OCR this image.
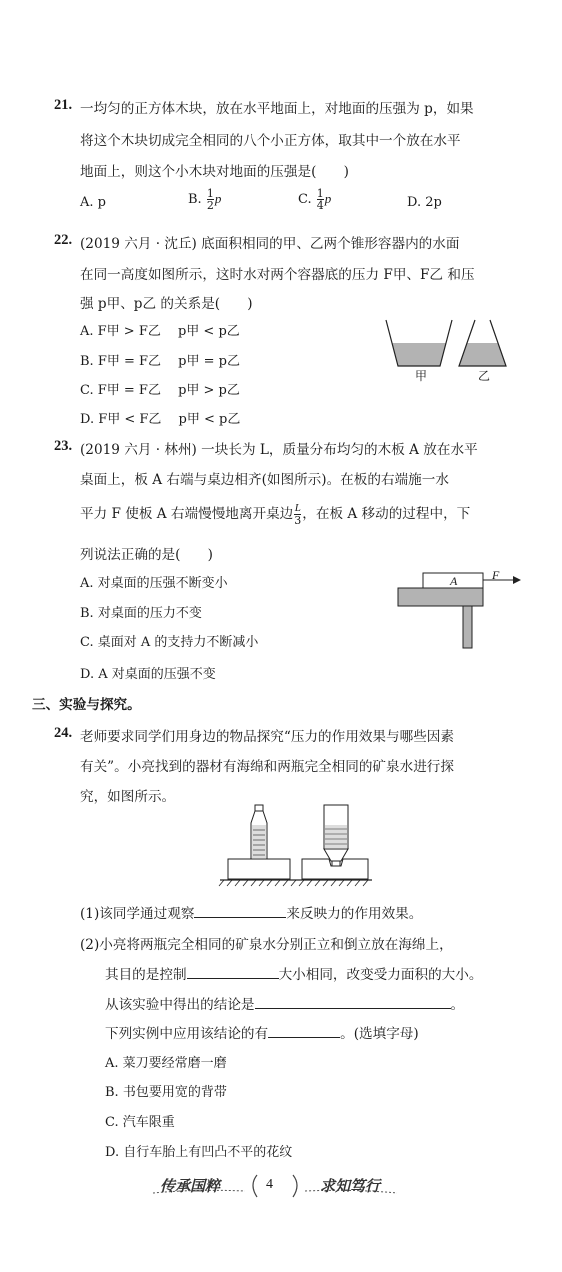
21. 一均匀的正方体木块，放在水平地面上，对地面的压强为 p，如果
将这个木块切成完全相同的八个小正方体，取其中一个放在水平
地面上，则这个小木块对地面的压强是(　　)
A. p	B. $\frac{1}{2}$ p	C. $\frac{1}{4}$ p	D. 2p
22. (2019 六月 · 沈丘) 底面积相同的甲、乙两个锥形容器内的水面
在同一高度如图所示，这时水对两个容器底的压力 F甲、F乙 和压
强 p甲、p乙 的关系是(　　)
A. F甲 > F乙　 p甲 < p乙
B. F甲 = F乙　 p甲 = p乙
C. F甲 = F乙　 p甲 > p乙
D. F甲 < F乙　 p甲 < p乙
甲	乙
23. (2019 六月 · 林州) 一块长为 L，质量分布均匀的木板 A 放在水平
桌面上，板 A 右端与桌边相齐(如图所示)。在板的右端施一水
平力 F 使板 A 右端慢慢地离开桌边 $\frac{L}{3}$ ，在板 A 移动的过程中，下
列说法正确的是(　　)
A. 对桌面的压强不断变小
B. 对桌面的压力不变
C. 桌面对 A 的支持力不断减小
D. A 对桌面的压强不变
A	F
三、实验与探究。
24. 老师要求同学们用身边的物品探究“压力的作用效果与哪些因素
有关”。小亮找到的器材有海绵和两瓶完全相同的矿泉水进行探
究，如图所示。
(1)该同学通过观察	来反映力的作用效果。
(2)小亮将两瓶完全相同的矿泉水分别正立和倒立放在海绵上，
其目的是控制	大小相同，改变受力面积的大小。
从该实验中得出的结论是	。
下列实例中应用该结论的有	。(选填字母)
A. 菜刀要经常磨一磨
B. 书包要用宽的背带
C. 汽车限重
D. 自行车胎上有凹凸不平的花纹
传承国粹	4	求知笃行
